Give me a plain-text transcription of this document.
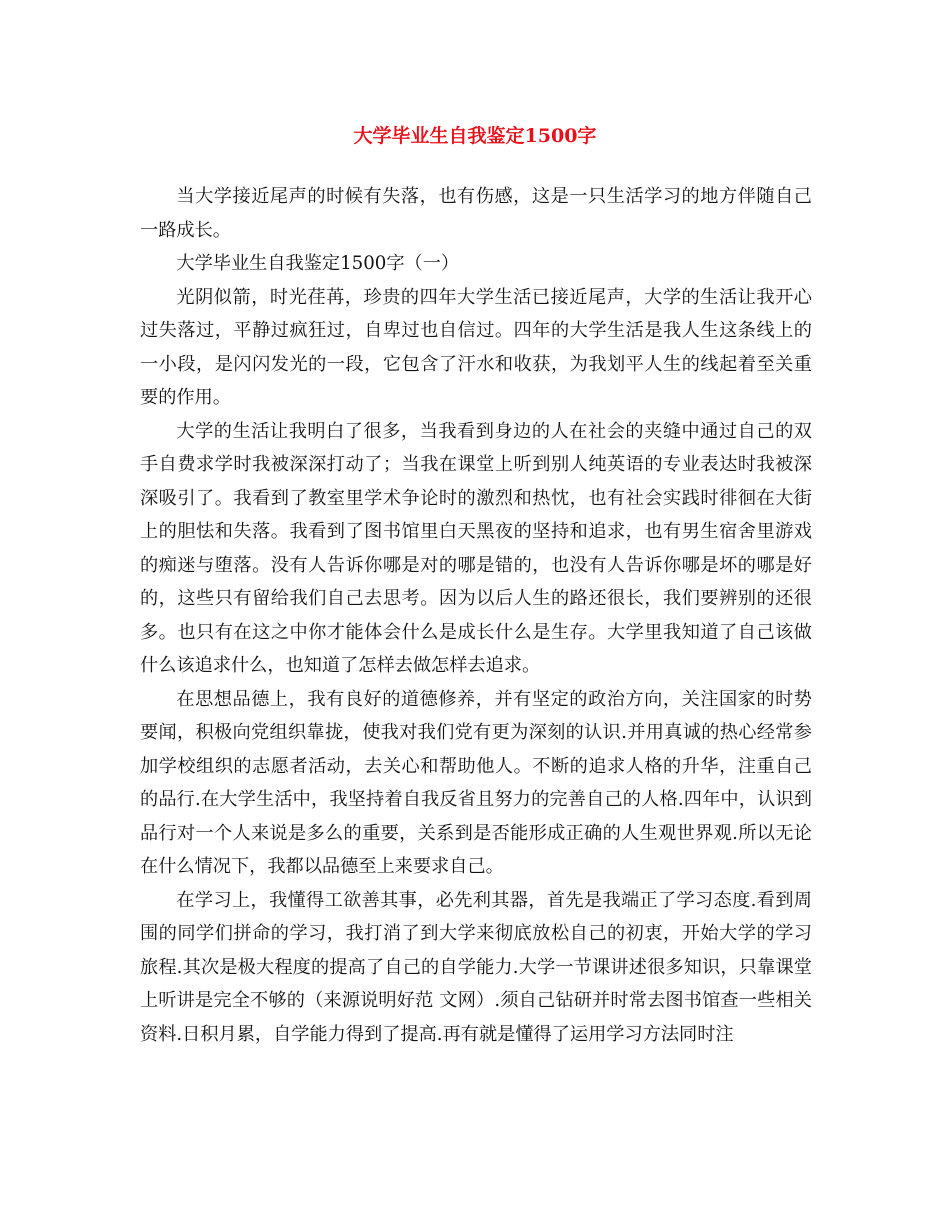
大学毕业生自我鉴定1500字

当大学接近尾声的时候有失落，也有伤感，这是一只生活学习的地方伴随自己一路成长。

大学毕业生自我鉴定1500字（一）

光阴似箭，时光荏苒，珍贵的四年大学生活已接近尾声，大学的生活让我开心过失落过，平静过疯狂过，自卑过也自信过。四年的大学生活是我人生这条线上的一小段，是闪闪发光的一段，它包含了汗水和收获，为我划平人生的线起着至关重要的作用。

大学的生活让我明白了很多，当我看到身边的人在社会的夹缝中通过自己的双手自费求学时我被深深打动了；当我在课堂上听到别人纯英语的专业表达时我被深深吸引了。我看到了教室里学术争论时的激烈和热忱，也有社会实践时徘徊在大街上的胆怯和失落。我看到了图书馆里白天黑夜的坚持和追求，也有男生宿舍里游戏的痴迷与堕落。没有人告诉你哪是对的哪是错的，也没有人告诉你哪是坏的哪是好的，这些只有留给我们自己去思考。因为以后人生的路还很长，我们要辨别的还很多。也只有在这之中你才能体会什么是成长什么是生存。大学里我知道了自己该做什么该追求什么，也知道了怎样去做怎样去追求。

在思想品德上，我有良好的道德修养，并有坚定的政治方向，关注国家的时势要闻，积极向党组织靠拢，使我对我们党有更为深刻的认识.并用真诚的热心经常参加学校组织的志愿者活动，去关心和帮助他人。不断的追求人格的升华，注重自己的品行.在大学生活中，我坚持着自我反省且努力的完善自己的人格.四年中，认识到品行对一个人来说是多么的重要，关系到是否能形成正确的人生观世界观.所以无论在什么情况下，我都以品德至上来要求自己。

在学习上，我懂得工欲善其事，必先利其器，首先是我端正了学习态度.看到周围的同学们拼命的学习，我打消了到大学来彻底放松自己的初衷，开始大学的学习旅程.其次是极大程度的提高了自己的自学能力.大学一节课讲述很多知识，只靠课堂上听讲是完全不够的（来源说明好范 文网）.须自己钻研并时常去图书馆查一些相关资料.日积月累，自学能力得到了提高.再有就是懂得了运用学习方法同时注
